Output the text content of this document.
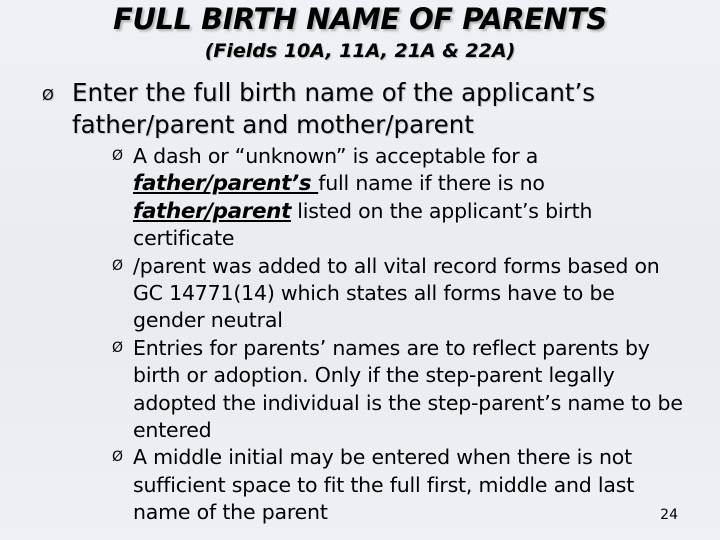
FULL BIRTH NAME OF PARENTS
(Fields 10A, 11A, 21A & 22A)
Ø Enter the full birth name of the applicant’s father/parent and mother/parent

Ø A dash or “unknown” is acceptable for a father/parent’s full name if there is no father/parent listed on the applicant’s birth certificate

Ø /parent was added to all vital record forms based on GC 14771(14) which states all forms have to be gender neutral

Ø Entries for parents’ names are to reflect parents by birth or adoption. Only if the step-parent legally adopted the individual is the step-parent’s name to be entered

Ø A middle initial may be entered when there is not sufficient space to fit the full first, middle and last name of the parent	24
